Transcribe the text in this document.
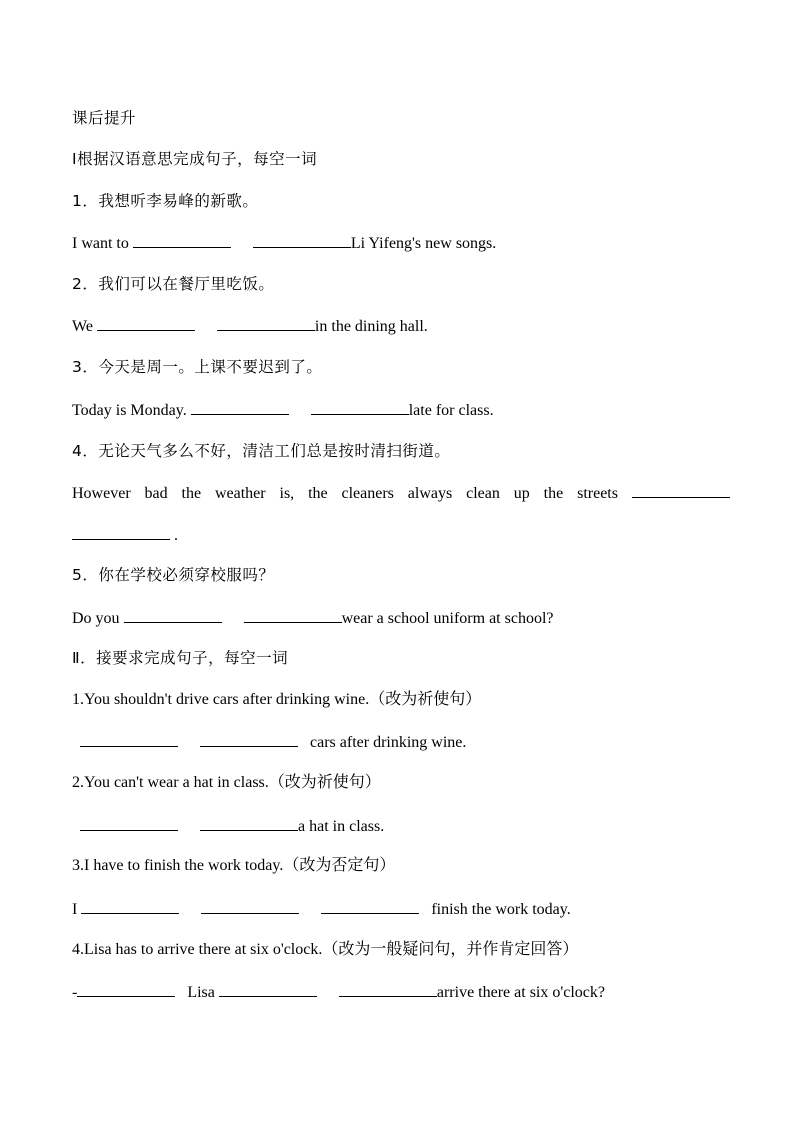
课后提升
Ⅰ根据汉语意思完成句子，每空一词
1．我想听李易峰的新歌。
I want to	Li Yifeng's new songs.
2．我们可以在餐厅里吃饭。
We	in the dining hall.
3．今天是周一。上课不要迟到了。
Today is Monday.	late for class.
4．无论天气多么不好，清洁工们总是按时清扫街道。
However bad the weather is, the cleaners always clean up the streets
.
5．你在学校必须穿校服吗？
Do you	wear a school uniform at school?
Ⅱ．接要求完成句子，每空一词
1.You shouldn't drive cars after drinking wine.（改为祈使句）
cars after drinking wine.
2.You can't wear a hat in class.（改为祈使句）
a hat in class.
3.I have to finish the work today.（改为否定句）
I	finish the work today.
4.Lisa has to arrive there at six o'clock.（改为一般疑问句，并作肯定回答）
-	Lisa	arrive there at six o'clock?
